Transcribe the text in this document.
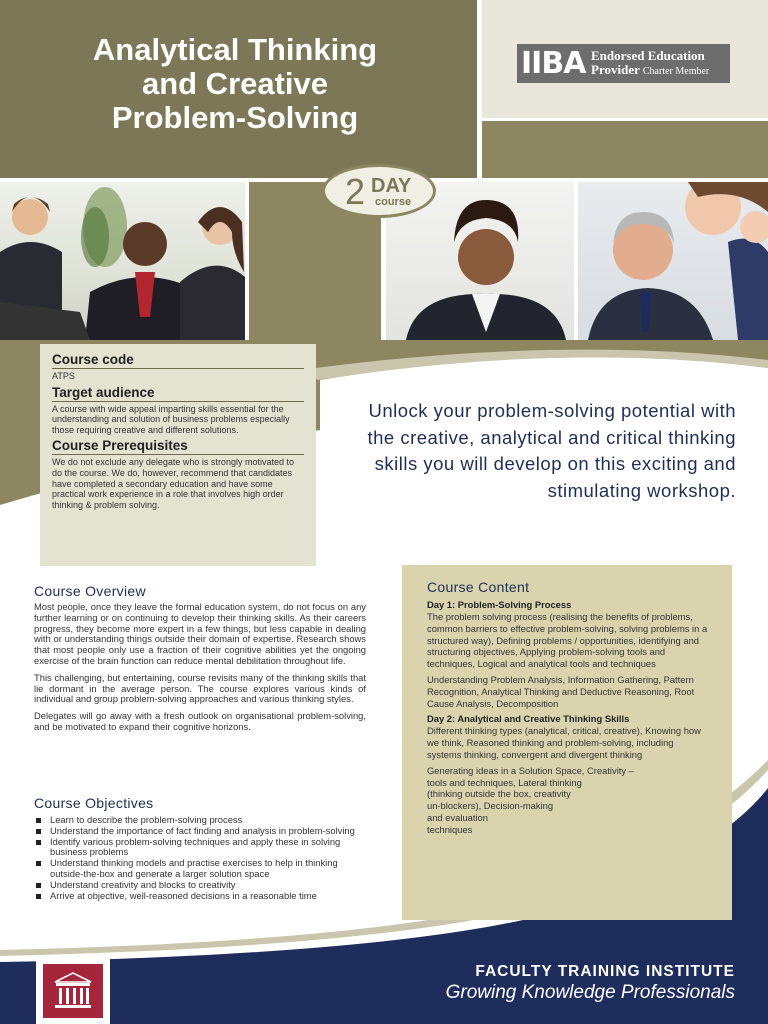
Analytical Thinking
and Creative
Problem-Solving
IIBA Endorsed Education
Provider Charter Member
2 DAY
course
Course code
ATPS
Target audience
A course with wide appeal imparting skills essential for the understanding and solution of business problems especially those requiring creative and different solutions.
Course Prerequisites
We do not exclude any delegate who is strongly motivated to do the course. We do, however, recommend that candidates have completed a secondary education and have some practical work experience in a role that involves high order thinking & problem solving.
Unlock your problem-solving potential with the creative, analytical and critical thinking skills you will develop on this exciting and stimulating workshop.
Course Overview

Most people, once they leave the formal education system, do not focus on any further learning or on continuing to develop their thinking skills. As their careers progress, they become more expert in a few things, but less capable in dealing with or understanding things outside their domain of expertise. Research shows that most people only use a fraction of their cognitive abilities yet the ongoing exercise of the brain function can reduce mental debilitation throughout life.

This challenging, but entertaining, course revisits many of the thinking skills that lie dormant in the average person. The course explores various kinds of individual and group problem-solving approaches and various thinking styles.

Delegates will go away with a fresh outlook on organisational problem-solving, and be motivated to expand their cognitive horizons.

Course Objectives
Learn to describe the problem-solving process
Understand the importance of fact finding and analysis in problem-solving
Identify various problem-solving techniques and apply these in solving business problems
Understand thinking models and practise exercises to help in thinking outside-the-box and generate a larger solution space
Understand creativity and blocks to creativity
Arrive at objective, well-reasoned decisions in a reasonable time
Course Content
Day 1: Problem-Solving Process

The problem solving process (realising the benefits of problems, common barriers to effective problem-solving, solving problems in a structured way), Defining problems / opportunities, identifying and structuring objectives, Applying problem-solving tools and techniques, Logical and analytical tools and techniques

Understanding Problem Analysis, Information Gathering, Pattern Recognition, Analytical Thinking and Deductive Reasoning, Root Cause Analysis, Decomposition

Day 2: Analytical and Creative Thinking Skills

Different thinking types (analytical, critical, creative), Knowing how we think, Reasoned thinking and problem-solving, including systems thinking, convergent and divergent thinking

Generating ideas in a Solution Space, Creativity –
tools and techniques, Lateral thinking
(thinking outside the box, creativity
un-blockers), Decision-making
and evaluation
techniques

FACULTY TRAINING INSTITUTE
Growing Knowledge Professionals
